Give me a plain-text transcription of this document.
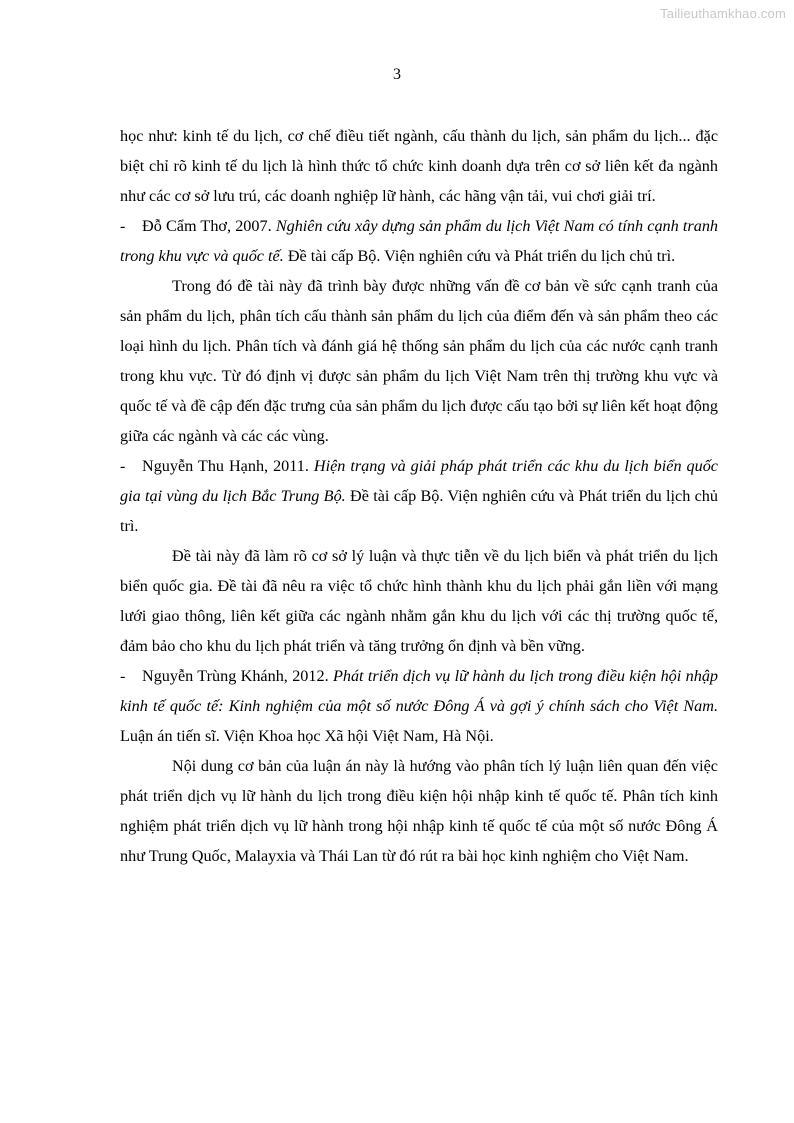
Tailieuthamkhao.com
3

học như: kinh tế du lịch, cơ chế điều tiết ngành, cấu thành du lịch, sản phẩm du lịch... đặc biệt chỉ rõ kinh tế du lịch là hình thức tổ chức kinh doanh dựa trên cơ sở liên kết đa ngành như các cơ sở lưu trú, các doanh nghiệp lữ hành, các hãng vận tải, vui chơi giải trí.

- Đỗ Cẩm Thơ, 2007. Nghiên cứu xây dựng sản phẩm du lịch Việt Nam có tính cạnh tranh trong khu vực và quốc tế. Đề tài cấp Bộ. Viện nghiên cứu và Phát triển du lịch chủ trì.

Trong đó đề tài này đã trình bày được những vấn đề cơ bản về sức cạnh tranh của sản phẩm du lịch, phân tích cấu thành sản phẩm du lịch của điểm đến và sản phẩm theo các loại hình du lịch. Phân tích và đánh giá hệ thống sản phẩm du lịch của các nước cạnh tranh trong khu vực. Từ đó định vị được sản phẩm du lịch Việt Nam trên thị trường khu vực và quốc tế và đề cập đến đặc trưng của sản phẩm du lịch được cấu tạo bởi sự liên kết hoạt động giữa các ngành và các các vùng.

- Nguyễn Thu Hạnh, 2011. Hiện trạng và giải pháp phát triển các khu du lịch biển quốc gia tại vùng du lịch Bắc Trung Bộ. Đề tài cấp Bộ. Viện nghiên cứu và Phát triển du lịch chủ trì.

Đề tài này đã làm rõ cơ sở lý luận và thực tiễn về du lịch biển và phát triển du lịch biển quốc gia. Đề tài đã nêu ra việc tổ chức hình thành khu du lịch phải gắn liền với mạng lưới giao thông, liên kết giữa các ngành nhằm gắn khu du lịch với các thị trường quốc tế, đảm bảo cho khu du lịch phát triển và tăng trưởng ổn định và bền vững.

- Nguyễn Trùng Khánh, 2012. Phát triển dịch vụ lữ hành du lịch trong điều kiện hội nhập kinh tế quốc tế: Kinh nghiệm của một số nước Đông Á và gợi ý chính sách cho Việt Nam. Luận án tiến sĩ. Viện Khoa học Xã hội Việt Nam, Hà Nội.

Nội dung cơ bản của luận án này là hướng vào phân tích lý luận liên quan đến việc phát triển dịch vụ lữ hành du lịch trong điều kiện hội nhập kinh tế quốc tế. Phân tích kinh nghiệm phát triển dịch vụ lữ hành trong hội nhập kinh tế quốc tế của một số nước Đông Á như Trung Quốc, Malayxia và Thái Lan từ đó rút ra bài học kinh nghiệm cho Việt Nam.
